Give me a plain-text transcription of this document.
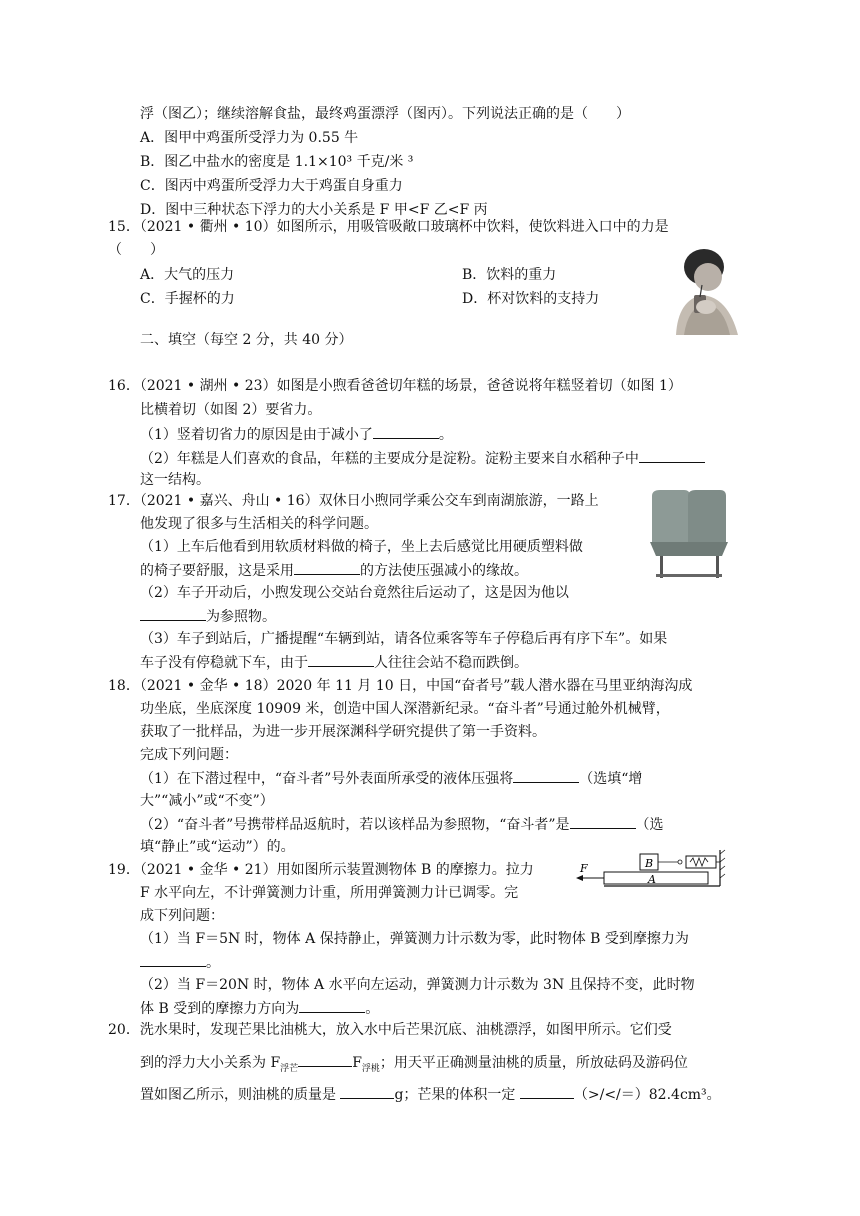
浮（图乙）；继续溶解食盐，最终鸡蛋漂浮（图丙）。下列说法正确的是（　　）
A．图甲中鸡蛋所受浮力为 0.55 牛
B．图乙中盐水的密度是 1.1×10³ 千克/米 ³
C．图丙中鸡蛋所受浮力大于鸡蛋自身重力
D．图中三种状态下浮力的大小关系是 F 甲<F 乙<F 丙
15．（2021 • 衢州 • 10）如图所示，用吸管吸敞口玻璃杯中饮料，使饮料进入口中的力是
（　　）
A．大气的压力	B．饮料的重力
C．手握杯的力	D．杯对饮料的支持力
二、填空（每空 2 分，共 40 分）
16．（2021 • 湖州 • 23）如图是小煦看爸爸切年糕的场景，爸爸说将年糕竖着切（如图 1）
比横着切（如图 2）要省力。
（1）竖着切省力的原因是由于减小了	。
（2）年糕是人们喜欢的食品，年糕的主要成分是淀粉。淀粉主要来自水稻种子中
这一结构。
17．（2021 • 嘉兴、舟山 • 16）双休日小煦同学乘公交车到南湖旅游，一路上
他发现了很多与生活相关的科学问题。
（1）上车后他看到用软质材料做的椅子，坐上去后感觉比用硬质塑料做
的椅子要舒服，这是采用	的方法使压强减小的缘故。
（2）车子开动后，小煦发现公交站台竟然往后运动了，这是因为他以
为参照物。
（3）车子到站后，广播提醒“车辆到站，请各位乘客等车子停稳后再有序下车”。如果
车子没有停稳就下车，由于	人往往会站不稳而跌倒。
18．（2021 • 金华 • 18）2020 年 11 月 10 日，中国“奋者号”载人潜水器在马里亚纳海沟成
功坐底，坐底深度 10909 米，创造中国人深潜新纪录。“奋斗者”号通过舱外机械臂，
获取了一批样品，为进一步开展深渊科学研究提供了第一手资料。
完成下列问题：
（1）在下潜过程中，“奋斗者”号外表面所承受的液体压强将	（选填“增
大”“减小”或“不变”）
（2）“奋斗者”号携带样品返航时，若以该样品为参照物，“奋斗者”是	（选
填“静止”或“运动”）的。
19．（2021 • 金华 • 21）用如图所示装置测物体 B 的摩擦力。拉力
F 水平向左，不计弹簧测力计重，所用弹簧测力计已调零。完
成下列问题：
（1）当 F＝5N 时，物体 A 保持静止，弹簧测力计示数为零，此时物体 B 受到摩擦力为
。
（2）当 F＝20N 时，物体 A 水平向左运动，弹簧测力计示数为 3N 且保持不变，此时物
体 B 受到的摩擦力方向为	。
A
B
F
20．洗水果时，发现芒果比油桃大，放入水中后芒果沉底、油桃漂浮，如图甲所示。它们受
到的浮力大小关系为 $F_{浮芒}$	$F_{浮桃}$；用天平正确测量油桃的质量，所放砝码及游码位
置如图乙所示，则油桃的质量是	g；芒果的体积一定	（>/</＝）82.4cm³。
